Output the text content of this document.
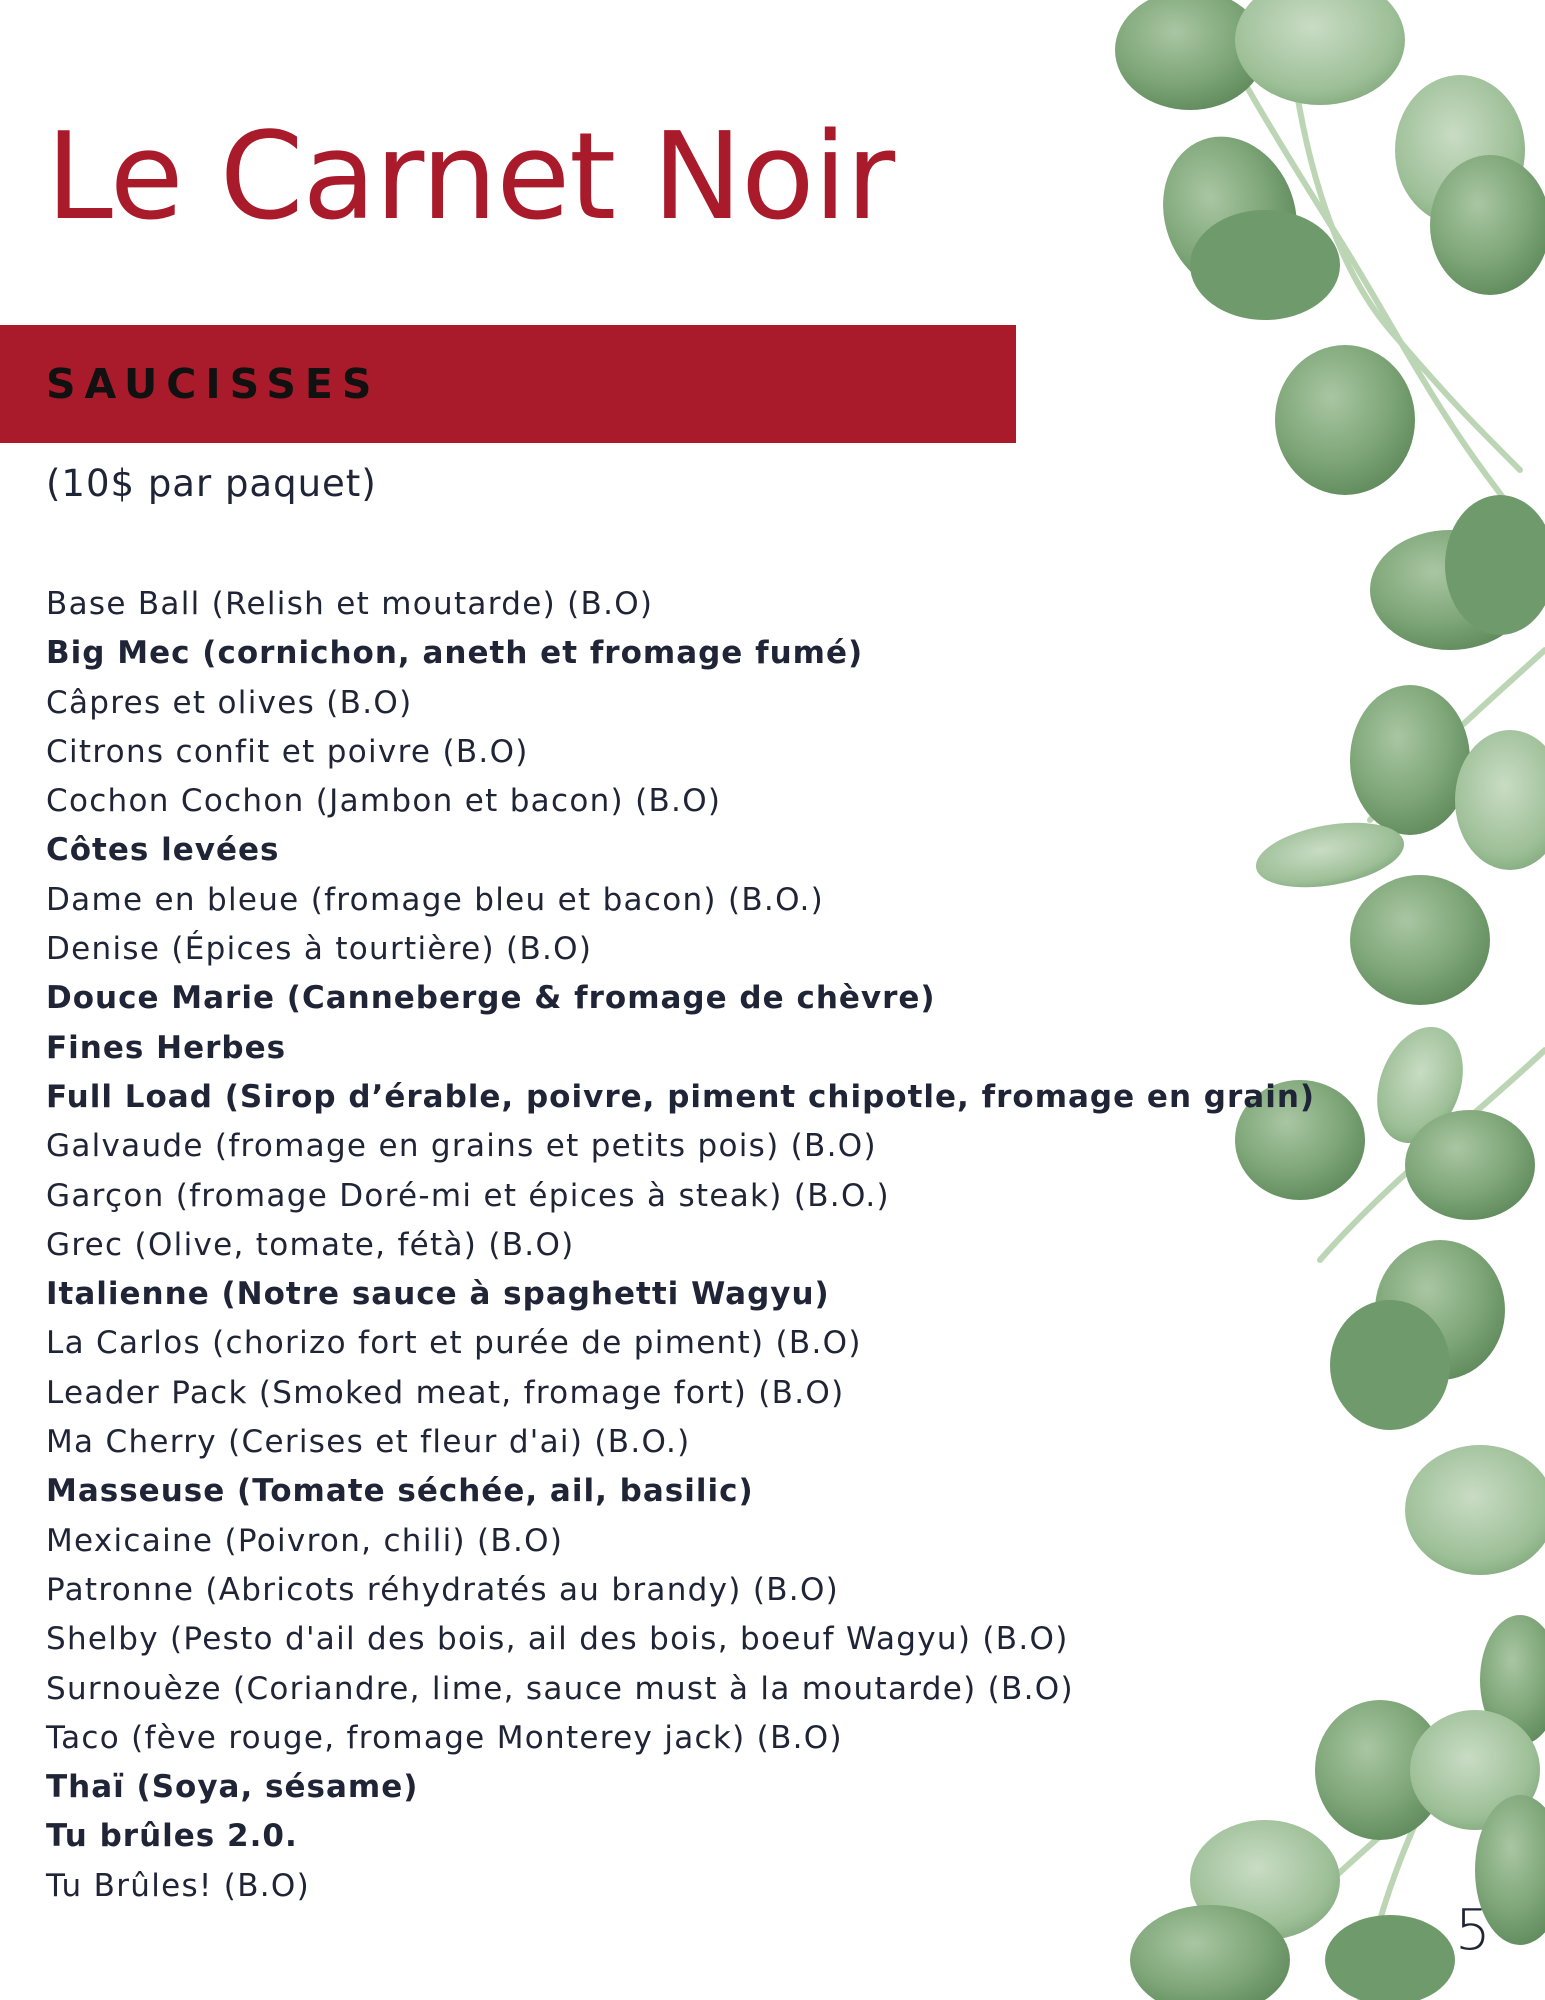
Le Carnet Noir
SAUCISSES

(10$ par paquet)

Base Ball (Relish et moutarde) (B.O)
Big Mec (cornichon, aneth et fromage fumé)
Câpres et olives (B.O)
Citrons confit et poivre (B.O)
Cochon Cochon (Jambon et bacon) (B.O)
Côtes levées
Dame en bleue (fromage bleu et bacon) (B.O.)
Denise (Épices à tourtière) (B.O)
Douce Marie (Canneberge & fromage de chèvre)
Fines Herbes
Full Load (Sirop d’érable, poivre, piment chipotle, fromage en grain)
Galvaude (fromage en grains et petits pois) (B.O)
Garçon (fromage Doré-mi et épices à steak) (B.O.)
Grec (Olive, tomate, fétà) (B.O)
Italienne (Notre sauce à spaghetti Wagyu)
La Carlos (chorizo fort et purée de piment) (B.O)
Leader Pack (Smoked meat, fromage fort) (B.O)
Ma Cherry (Cerises et fleur d'ai) (B.O.)
Masseuse (Tomate séchée, ail, basilic)
Mexicaine (Poivron, chili) (B.O)
Patronne (Abricots réhydratés au brandy) (B.O)
Shelby (Pesto d'ail des bois, ail des bois, boeuf Wagyu) (B.O)
Surnouèze (Coriandre, lime, sauce must à la moutarde) (B.O)
Taco (fève rouge, fromage Monterey jack) (B.O)
Thaï (Soya, sésame)
Tu brûles 2.0.
Tu Brûles! (B.O)

5
